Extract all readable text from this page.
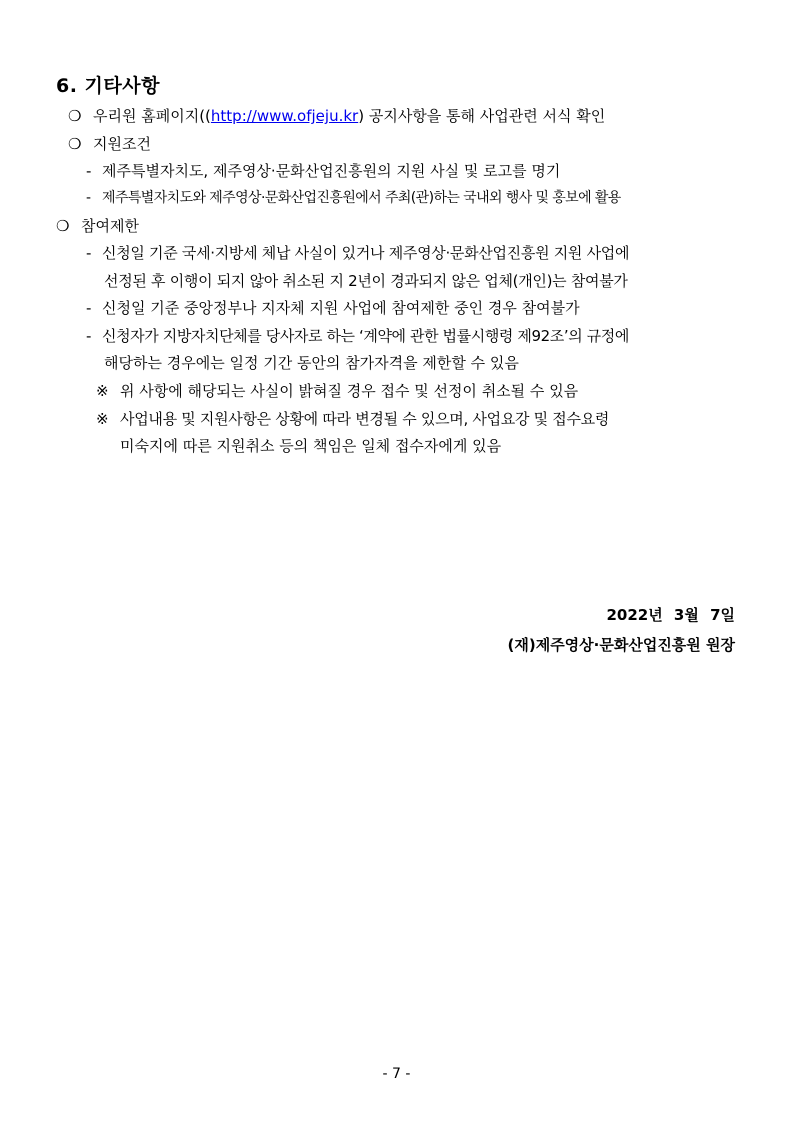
6. 기타사항
❍ 우리원 홈페이지((http://www.ofjeju.kr) 공지사항을 통해 사업관련 서식 확인
❍ 지원조건
- 제주특별자치도, 제주영상·문화산업진흥원의 지원 사실 및 로고를 명기
- 제주특별자치도와 제주영상·문화산업진흥원에서 주최(관)하는 국내외 행사 및 홍보에 활용
❍ 참여제한
- 신청일 기준 국세·지방세 체납 사실이 있거나 제주영상·문화산업진흥원 지원 사업에
선정된 후 이행이 되지 않아 취소된 지 2년이 경과되지 않은 업체(개인)는 참여불가
- 신청일 기준 중앙정부나 지자체 지원 사업에 참여제한 중인 경우 참여불가
- 신청자가 지방자치단체를 당사자로 하는 ‘계약에 관한 법률시행령 제92조’의 규정에
해당하는 경우에는 일정 기간 동안의 참가자격을 제한할 수 있음
※ 위 사항에 해당되는 사실이 밝혀질 경우 접수 및 선정이 취소될 수 있음
※ 사업내용 및 지원사항은 상황에 따라 변경될 수 있으며, 사업요강 및 접수요령
미숙지에 따른 지원취소 등의 책임은 일체 접수자에게 있음
2022년 3월 7일
(재)제주영상·문화산업진흥원 원장
- 7 -
